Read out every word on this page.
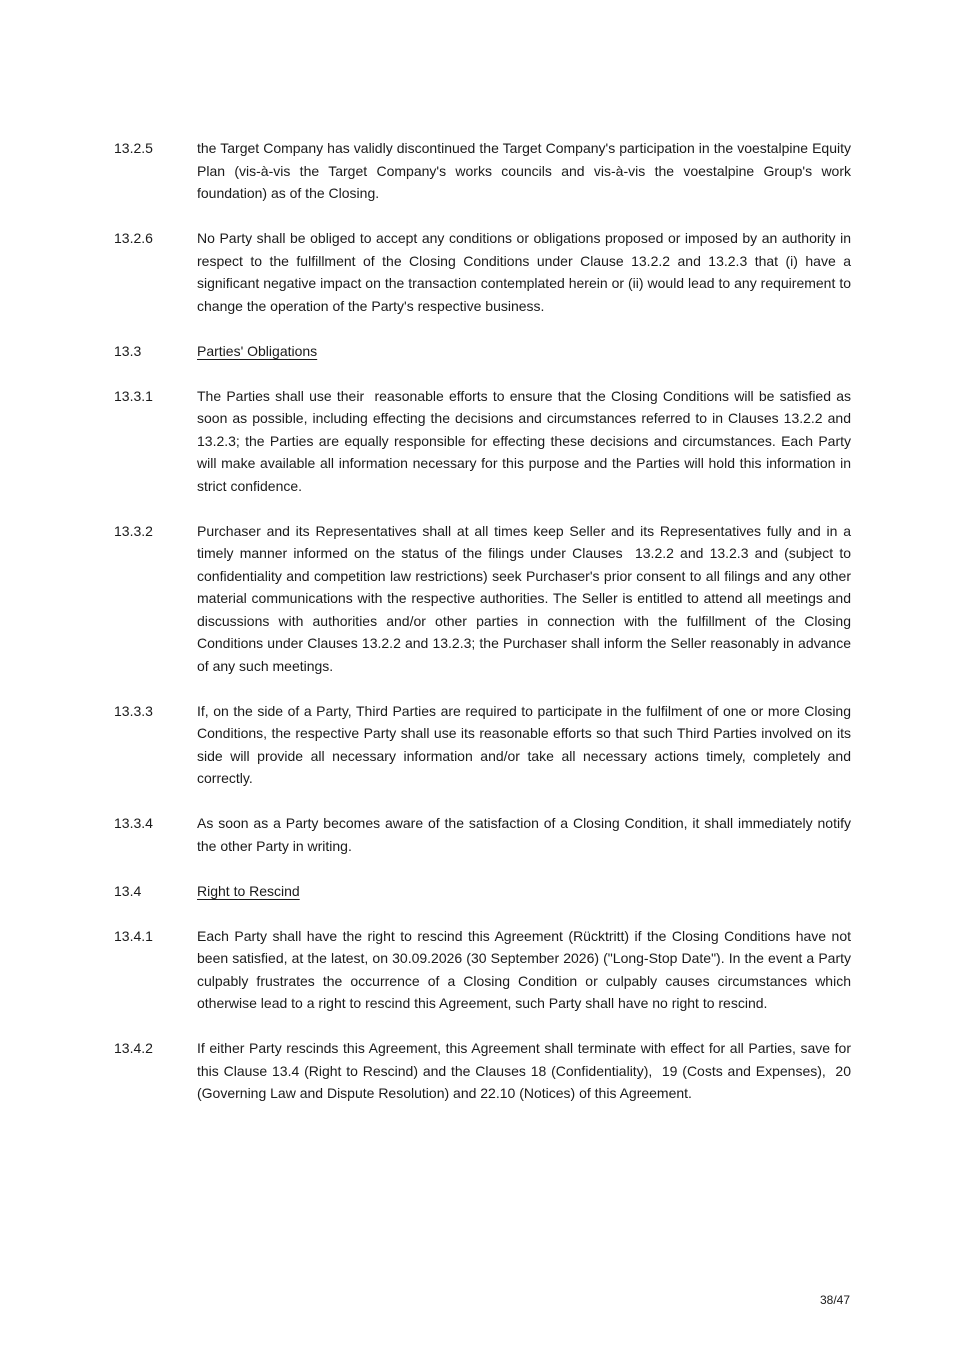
13.2.5	the Target Company has validly discontinued the Target Company's participation in the voestalpine Equity Plan (vis-à-vis the Target Company's works councils and vis-à-vis the voestalpine Group's work foundation) as of the Closing.
13.2.6	No Party shall be obliged to accept any conditions or obligations proposed or imposed by an authority in respect to the fulfillment of the Closing Conditions under Clause 13.2.2 and 13.2.3 that (i) have a significant negative impact on the transaction contemplated herein or (ii) would lead to any requirement to change the operation of the Party's respective business.
13.3	Parties' Obligations
13.3.1	The Parties shall use their  reasonable efforts to ensure that the Closing Conditions will be satisfied as soon as possible, including effecting the decisions and circumstances referred to in Clauses 13.2.2 and 13.2.3; the Parties are equally responsible for effecting these decisions and circumstances. Each Party will make available all information necessary for this purpose and the Parties will hold this information in strict confidence.
13.3.2	Purchaser and its Representatives shall at all times keep Seller and its Representatives fully and in a timely manner informed on the status of the filings under Clauses  13.2.2 and 13.2.3 and (subject to confidentiality and competition law restrictions) seek Purchaser's prior consent to all filings and any other material communications with the respective authorities. The Seller is entitled to attend all meetings and discussions with authorities and/or other parties in connection with the fulfillment of the Closing Conditions under Clauses 13.2.2 and 13.2.3; the Purchaser shall inform the Seller reasonably in advance of any such meetings.
13.3.3	If, on the side of a Party, Third Parties are required to participate in the fulfilment of one or more Closing Conditions, the respective Party shall use its reasonable efforts so that such Third Parties involved on its side will provide all necessary information and/or take all necessary actions timely, completely and correctly.
13.3.4	As soon as a Party becomes aware of the satisfaction of a Closing Condition, it shall immediately notify the other Party in writing.
13.4	Right to Rescind
13.4.1	Each Party shall have the right to rescind this Agreement (Rücktritt) if the Closing Conditions have not been satisfied, at the latest, on 30.09.2026 (30 September 2026) ("Long-Stop Date"). In the event a Party culpably frustrates the occurrence of a Closing Condition or culpably causes circumstances which otherwise lead to a right to rescind this Agreement, such Party shall have no right to rescind.
13.4.2	If either Party rescinds this Agreement, this Agreement shall terminate with effect for all Parties, save for this Clause 13.4 (Right to Rescind) and the Clauses 18 (Confidentiality),  19 (Costs and Expenses),  20 (Governing Law and Dispute Resolution) and 22.10 (Notices) of this Agreement.
38/47
